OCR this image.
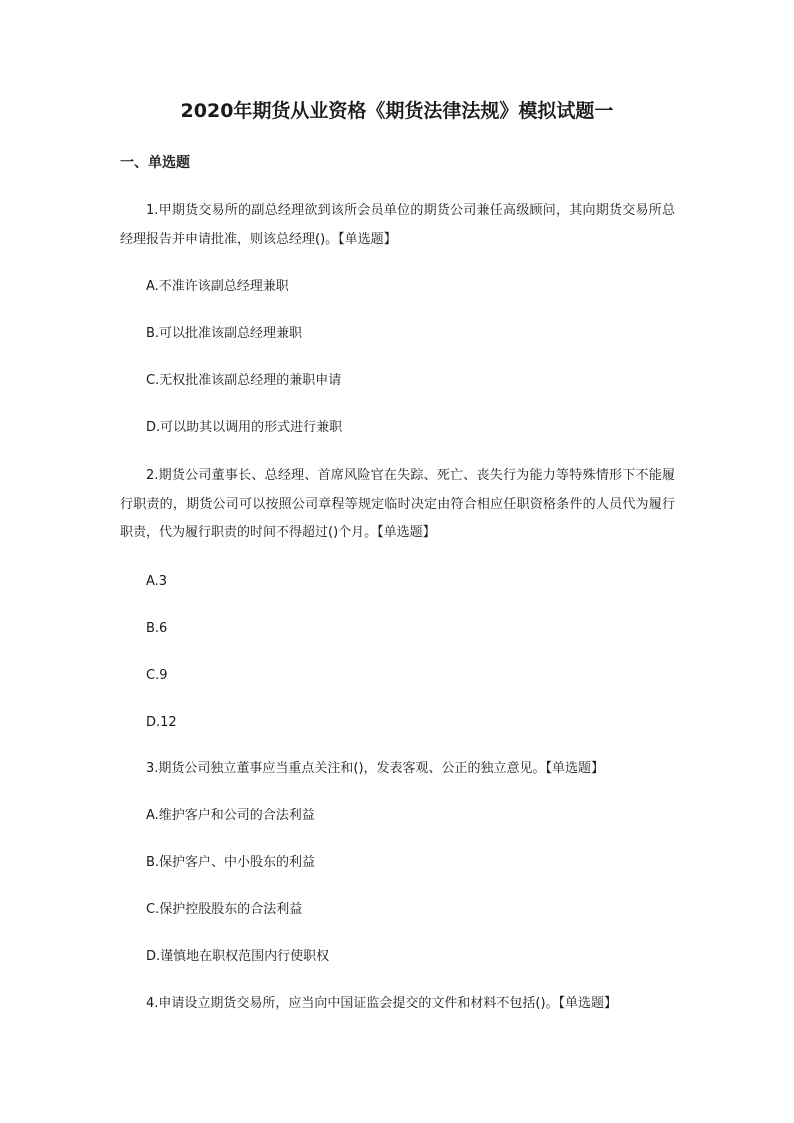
2020年期货从业资格《期货法律法规》模拟试题一
一、单选题

1.甲期货交易所的副总经理欲到该所会员单位的期货公司兼任高级顾问，其向期货交易所总经理报告并申请批准，则该总经理()。【单选题】

A.不准许该副总经理兼职
B.可以批准该副总经理兼职
C.无权批准该副总经理的兼职申请
D.可以助其以调用的形式进行兼职

2.期货公司董事长、总经理、首席风险官在失踪、死亡、丧失行为能力等特殊情形下不能履行职责的，期货公司可以按照公司章程等规定临时决定由符合相应任职资格条件的人员代为履行职责，代为履行职责的时间不得超过()个月。【单选题】

A.3
B.6
C.9
D.12

3.期货公司独立董事应当重点关注和()，发表客观、公正的独立意见。【单选题】

A.维护客户和公司的合法利益
B.保护客户、中小股东的利益
C.保护控股股东的合法利益
D.谨慎地在职权范围内行使职权

4.申请设立期货交易所，应当向中国证监会提交的文件和材料不包括()。【单选题】
